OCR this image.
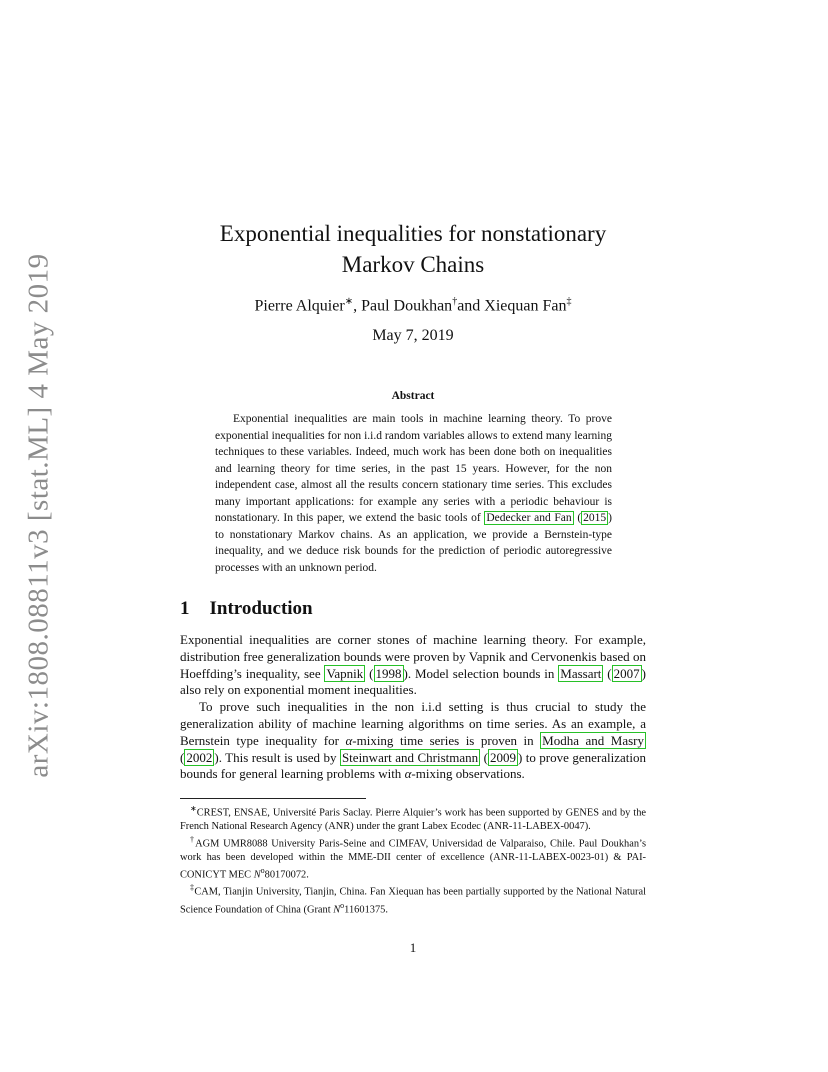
arXiv:1808.08811v3 [stat.ML] 4 May 2019
Exponential inequalities for nonstationary
Markov Chains
Pierre Alquier∗, Paul Doukhan†and Xiequan Fan‡
May 7, 2019
Abstract

Exponential inequalities are main tools in machine learning theory. To prove exponential inequalities for non i.i.d random variables allows to extend many learning techniques to these variables. Indeed, much work has been done both on inequalities and learning theory for time series, in the past 15 years. However, for the non independent case, almost all the results concern stationary time series. This excludes many important applications: for example any series with a periodic behaviour is nonstationary. In this paper, we extend the basic tools of Dedecker and Fan ( 2015 ) to nonstationary Markov chains. As an application, we provide a Bernstein-type inequality, and we deduce risk bounds for the prediction of periodic autoregressive processes with an unknown period.

1 Introduction

Exponential inequalities are corner stones of machine learning theory. For example, distribution free generalization bounds were proven by Vapnik and Cervonenkis based on Hoeffding’s inequality, see Vapnik ( 1998 ). Model selection bounds in Massart ( 2007 ) also rely on exponential moment inequalities.

To prove such inequalities in the non i.i.d setting is thus crucial to study the generalization ability of machine learning algorithms on time series. As an example, a Bernstein type inequality for α-mixing time series is proven in Modha and Masry ( 2002 ). This result is used by Steinwart and Christmann ( 2009 ) to prove generalization bounds for general learning problems with α-mixing observations.

∗CREST, ENSAE, Université Paris Saclay. Pierre Alquier’s work has been supported by GENES and by the French National Research Agency (ANR) under the grant Labex Ecodec (ANR-11-LABEX-0047).

†AGM UMR8088 University Paris-Seine and CIMFAV, Universidad de Valparaiso, Chile. Paul Doukhan’s work has been developed within the MME-DII center of excellence (ANR-11-LABEX-0023-01) & PAI-CONICYT MEC $N^o80170072$.

‡CAM, Tianjin University, Tianjin, China. Fan Xiequan has been partially supported by the National Natural Science Foundation of China (Grant $N^o11601375$.

1
